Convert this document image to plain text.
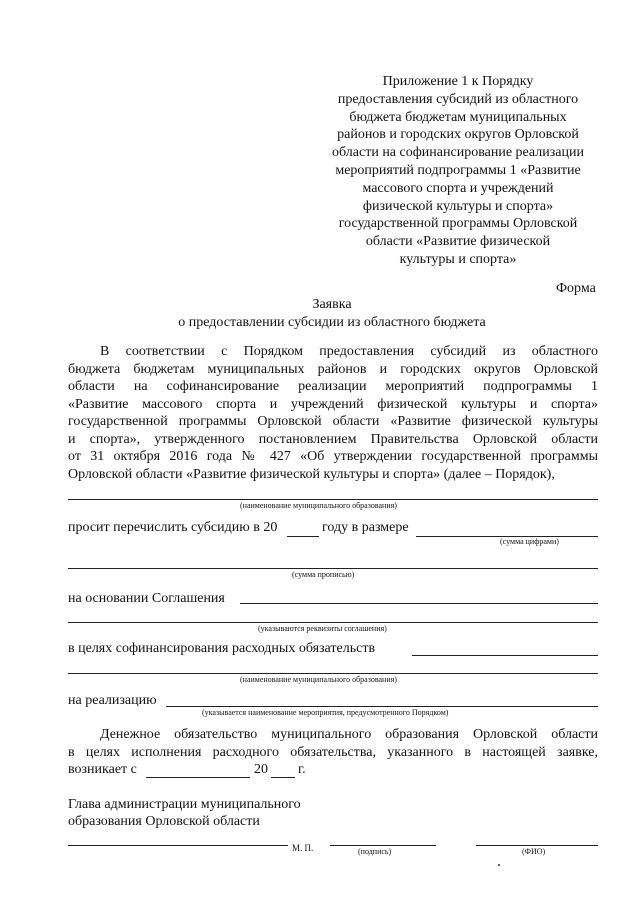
Приложение 1 к Порядку
предоставления субсидий из областного
бюджета бюджетам муниципальных
районов и городских округов Орловской
области на софинансирование реализации
мероприятий подпрограммы 1 «Развитие
массового спорта и учреждений
физической культуры и спорта»
государственной программы Орловской
области «Развитие физической
культуры и спорта»
Форма
Заявка
о предоставлении субсидии из областного бюджета
В соответствии с Порядком предоставления субсидий из областного
бюджета бюджетам муниципальных районов и городских округов Орловской
области на софинансирование реализации мероприятий подпрограммы 1
«Развитие массового спорта и учреждений физической культуры и спорта»
государственной программы Орловской области «Развитие физической культуры
и спорта», утвержденного постановлением Правительства Орловской области
от 31 октября 2016 года № 427 «Об утверждении государственной программы
Орловской области «Развитие физической культуры и спорта» (далее – Порядок),
(наименование муниципального образования)
просит перечислить субсидию в 20	году в размере
(сумма цифрами)
(сумма прописью)
на основании Соглашения
(указываются реквизиты соглашения)
в целях софинансирования расходных обязательств
(наименование муниципального образования)
на реализацию
(указывается наименование мероприятия, предусмотренного Порядком)
Денежное обязательство муниципального образования Орловской области
в целях исполнения расходного обязательства, указанного в настоящей заявке,
возникает с	20 г.
Глава администрации муниципального
образования Орловской области
М. П.	(подпись)	(ФИО)
